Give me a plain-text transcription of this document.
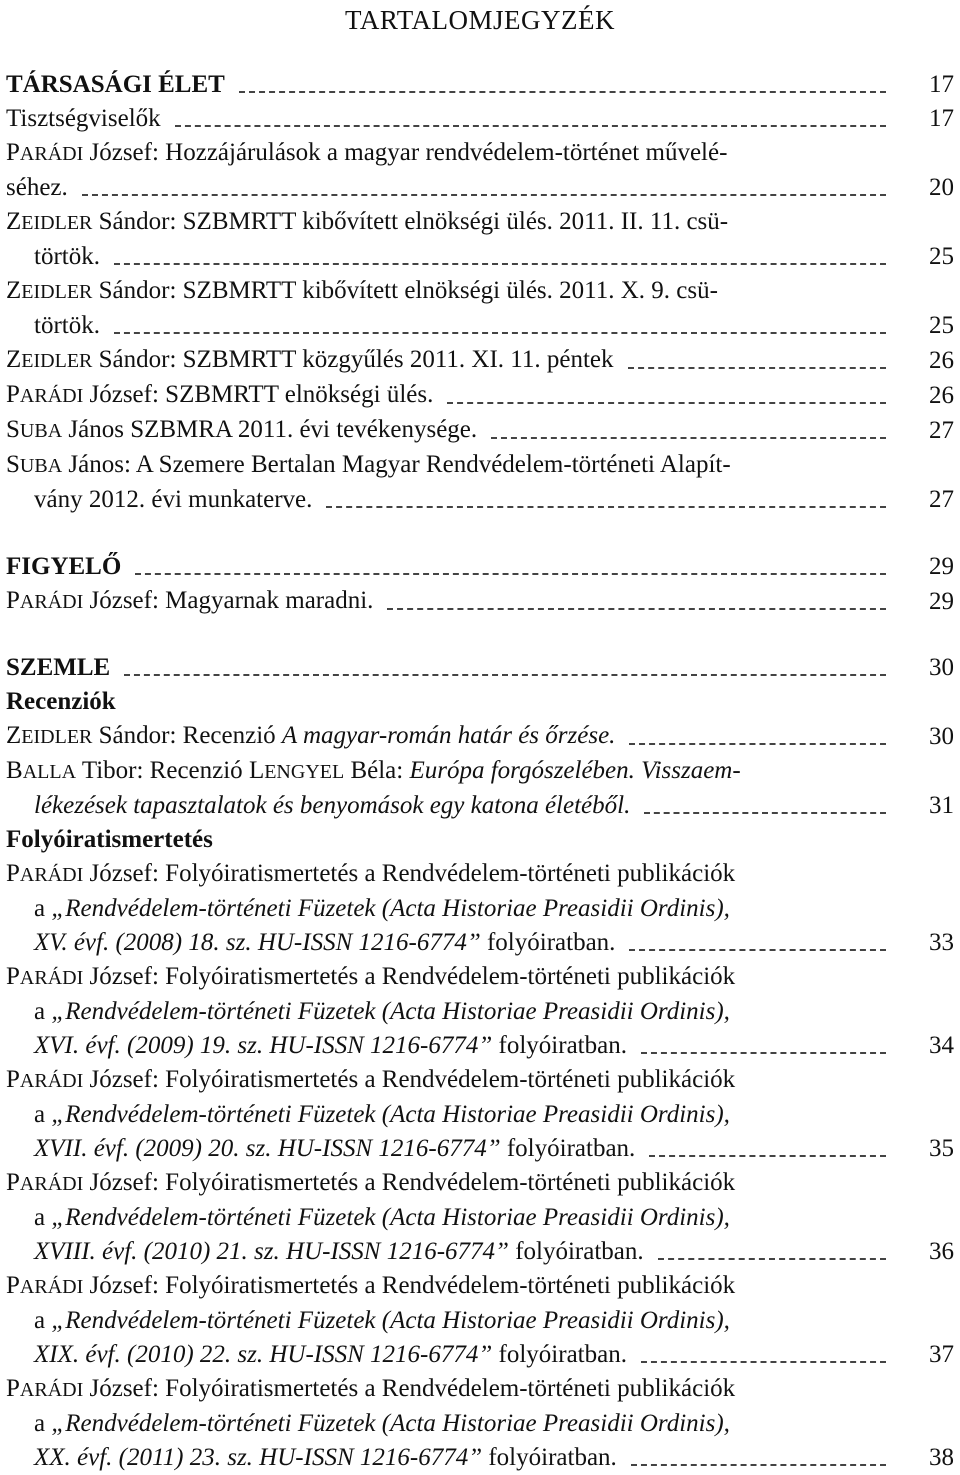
TARTALOMJEGYZÉK
TÁRSASÁGI ÉLET	17
Tisztségviselők	17
PARÁDI József: Hozzájárulások a magyar rendvédelem-történet művelé-
séhez.	20
ZEIDLER Sándor: SZBMRTT kibővített elnökségi ülés. 2011. II. 11. csü-
törtök.	25
ZEIDLER Sándor: SZBMRTT kibővített elnökségi ülés. 2011. X. 9. csü-
törtök.	25
ZEIDLER Sándor: SZBMRTT közgyűlés 2011. XI. 11. péntek	26
PARÁDI József: SZBMRTT elnökségi ülés.	26
SUBA János SZBMRA 2011. évi tevékenysége.	27
SUBA János: A Szemere Bertalan Magyar Rendvédelem-történeti Alapít-
vány 2012. évi munkaterve.	27
FIGYELŐ	29
PARÁDI József: Magyarnak maradni.	29
SZEMLE	30
Recenziók
ZEIDLER Sándor: Recenzió A magyar-román határ és őrzése.	30
BALLA Tibor: Recenzió LENGYEL Béla: Európa forgószelében. Visszaem-
lékezések tapasztalatok és benyomások egy katona életéből.	31
Folyóiratismertetés
PARÁDI József: Folyóiratismertetés a Rendvédelem-történeti publikációk
a „Rendvédelem-történeti Füzetek (Acta Historiae Preasidii Ordinis),
XV. évf. (2008) 18. sz. HU-ISSN 1216-6774” folyóiratban.	33
PARÁDI József: Folyóiratismertetés a Rendvédelem-történeti publikációk
a „Rendvédelem-történeti Füzetek (Acta Historiae Preasidii Ordinis),
XVI. évf. (2009) 19. sz. HU-ISSN 1216-6774” folyóiratban.	34
PARÁDI József: Folyóiratismertetés a Rendvédelem-történeti publikációk
a „Rendvédelem-történeti Füzetek (Acta Historiae Preasidii Ordinis),
XVII. évf. (2009) 20. sz. HU-ISSN 1216-6774” folyóiratban.	35
PARÁDI József: Folyóiratismertetés a Rendvédelem-történeti publikációk
a „Rendvédelem-történeti Füzetek (Acta Historiae Preasidii Ordinis),
XVIII. évf. (2010) 21. sz. HU-ISSN 1216-6774” folyóiratban.	36
PARÁDI József: Folyóiratismertetés a Rendvédelem-történeti publikációk
a „Rendvédelem-történeti Füzetek (Acta Historiae Preasidii Ordinis),
XIX. évf. (2010) 22. sz. HU-ISSN 1216-6774” folyóiratban.	37
PARÁDI József: Folyóiratismertetés a Rendvédelem-történeti publikációk
a „Rendvédelem-történeti Füzetek (Acta Historiae Preasidii Ordinis),
XX. évf. (2011) 23. sz. HU-ISSN 1216-6774” folyóiratban.	38
